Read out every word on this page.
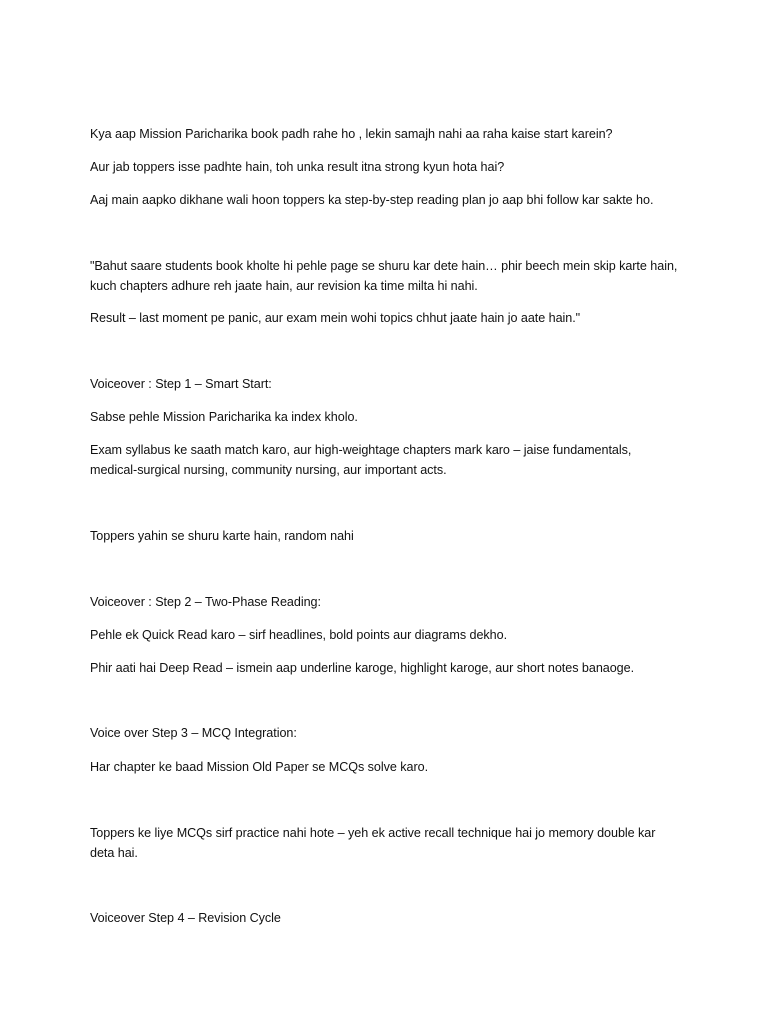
Kya aap Mission Paricharika book padh rahe ho , lekin samajh nahi aa raha kaise start karein?

Aur jab toppers isse padhte hain, toh unka result itna strong kyun hota hai?

Aaj main aapko dikhane wali hoon toppers ka step-by-step reading plan jo aap bhi follow kar sakte ho.

"Bahut saare students book kholte hi pehle page se shuru kar dete hain… phir beech mein skip karte hain, kuch chapters adhure reh jaate hain, aur revision ka time milta hi nahi.

Result – last moment pe panic, aur exam mein wohi topics chhut jaate hain jo aate hain."

Voiceover : Step 1 – Smart Start:

Sabse pehle Mission Paricharika ka index kholo.

Exam syllabus ke saath match karo, aur high-weightage chapters mark karo – jaise fundamentals, medical-surgical nursing, community nursing, aur important acts.

Toppers yahin se shuru karte hain, random nahi

Voiceover : Step 2 – Two-Phase Reading:

Pehle ek Quick Read karo – sirf headlines, bold points aur diagrams dekho.

Phir aati hai Deep Read – ismein aap underline karoge, highlight karoge, aur short notes banaoge.

Voice over Step 3 – MCQ Integration:

Har chapter ke baad Mission Old Paper se MCQs solve karo.

Toppers ke liye MCQs sirf practice nahi hote – yeh ek active recall technique hai jo memory double kar deta hai.

Voiceover Step 4 – Revision Cycle
